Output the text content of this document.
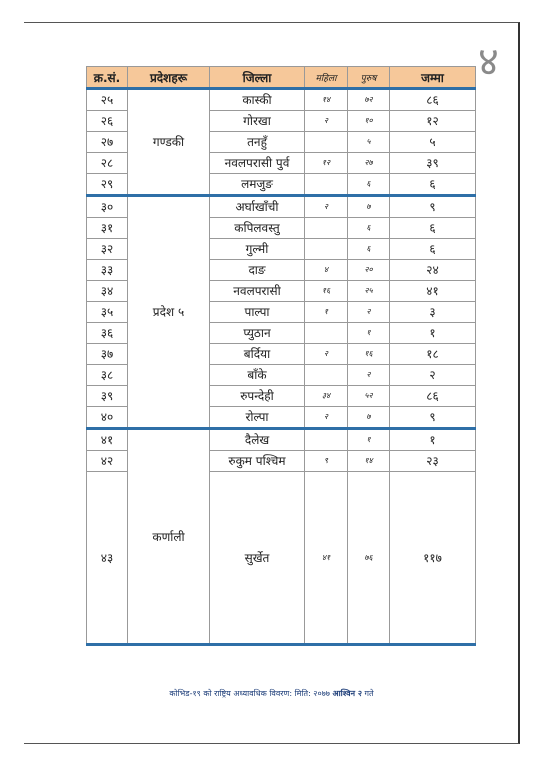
४
क्र.सं.	प्रदेशहरू	जिल्ला	महिला	पुरुष	जम्मा
२५	गण्डकी	कास्की	१४	७२	८६
२६		गोरखा	२	१०	१२
२७		तनहुँ		५	५
२८		नवलपरासी पुर्व	१२	२७	३९
२९		लमजुङ		६	६
३०	प्रदेश ५	अर्घाखाँची	२	७	९
३१		कपिलवस्तु		६	६
३२		गुल्मी		६	६
३३		दाङ	४	२०	२४
३४		नवलपरासी	१६	२५	४१
३५		पाल्पा	१	२	३
३६		प्युठान		१	१
३७		बर्दिया	२	१६	१८
३८		बाँके		२	२
३९		रुपन्देही	३४	५२	८६
४०		रोल्पा	२	७	९
४१	कर्णाली	दैलेख		१	१
४२		रुकुम पश्चिम	९	१४	२३
४३		सुर्खेत	४१	७६	११७
कोभिड-१९ को राष्ट्रिय अध्यावधिक विवरण: मिति: २०७७ आश्विन २ गते
